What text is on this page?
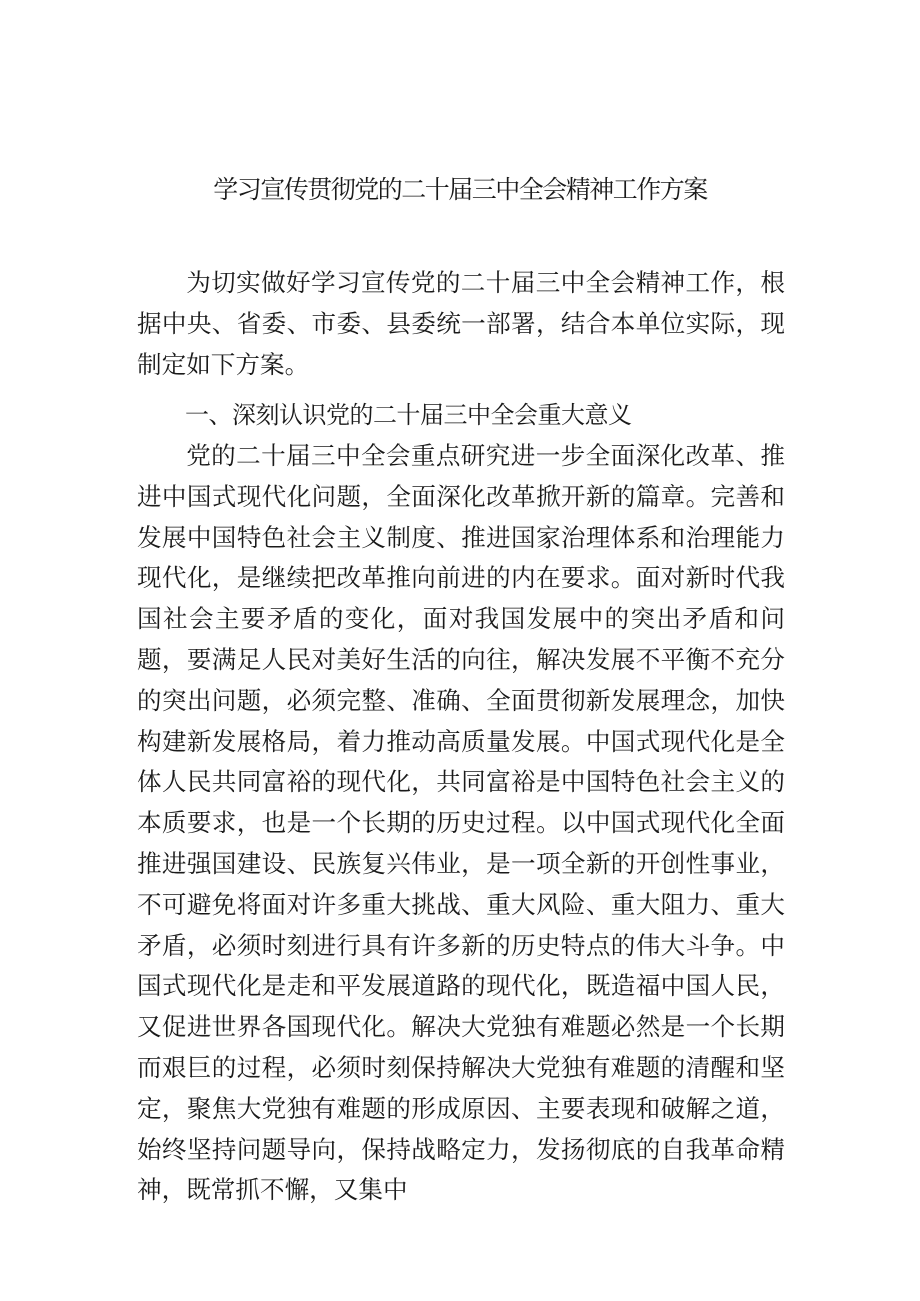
学习宣传贯彻党的二十届三中全会精神工作方案

为切实做好学习宣传党的二十届三中全会精神工作，根据中央、省委、市委、县委统一部署，结合本单位实际，现制定如下方案。

一、深刻认识党的二十届三中全会重大意义

党的二十届三中全会重点研究进一步全面深化改革、推进中国式现代化问题，全面深化改革掀开新的篇章。完善和发展中国特色社会主义制度、推进国家治理体系和治理能力现代化，是继续把改革推向前进的内在要求。面对新时代我国社会主要矛盾的变化，面对我国发展中的突出矛盾和问题，要满足人民对美好生活的向往，解决发展不平衡不充分的突出问题，必须完整、准确、全面贯彻新发展理念，加快构建新发展格局，着力推动高质量发展。中国式现代化是全体人民共同富裕的现代化，共同富裕是中国特色社会主义的本质要求，也是一个长期的历史过程。以中国式现代化全面推进强国建设、民族复兴伟业，是一项全新的开创性事业，不可避免将面对许多重大挑战、重大风险、重大阻力、重大矛盾，必须时刻进行具有许多新的历史特点的伟大斗争。中国式现代化是走和平发展道路的现代化，既造福中国人民，又促进世界各国现代化。解决大党独有难题必然是一个长期而艰巨的过程，必须时刻保持解决大党独有难题的清醒和坚定，聚焦大党独有难题的形成原因、主要表现和破解之道，始终坚持问题导向，保持战略定力，发扬彻底的自我革命精神，既常抓不懈，又集中
